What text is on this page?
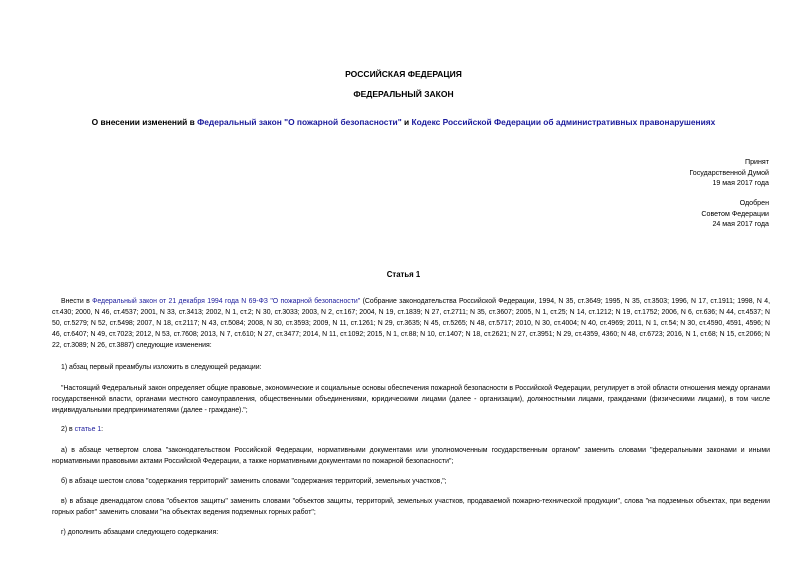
РОССИЙСКАЯ ФЕДЕРАЦИЯ
ФЕДЕРАЛЬНЫЙ ЗАКОН
О внесении изменений в Федеральный закон "О пожарной безопасности" и Кодекс Российской Федерации об административных правонарушениях
Принят
Государственной Думой
19 мая 2017 года
Одобрен
Советом Федерации
24 мая 2017 года
Статья 1
Внести в Федеральный закон от 21 декабря 1994 года N 69-ФЗ "О пожарной безопасности" (Собрание законодательства Российской Федерации, 1994, N 35, ст.3649; 1995, N 35, ст.3503; 1996, N 17, ст.1911; 1998, N 4, ст.430; 2000, N 46, ст.4537; 2001, N 33, ст.3413; 2002, N 1, ст.2; N 30, ст.3033; 2003, N 2, ст.167; 2004, N 19, ст.1839; N 27, ст.2711; N 35, ст.3607; 2005, N 1, ст.25; N 14, ст.1212; N 19, ст.1752; 2006, N 6, ст.636; N 44, ст.4537; N 50, ст.5279; N 52, ст.5498; 2007, N 18, ст.2117; N 43, ст.5084; 2008, N 30, ст.3593; 2009, N 11, ст.1261; N 29, ст.3635; N 45, ст.5265; N 48, ст.5717; 2010, N 30, ст.4004; N 40, ст.4969; 2011, N 1, ст.54; N 30, ст.4590, 4591, 4596; N 46, ст.6407; N 49, ст.7023; 2012, N 53, ст.7608; 2013, N 7, ст.610; N 27, ст.3477; 2014, N 11, ст.1092; 2015, N 1, ст.88; N 10, ст.1407; N 18, ст.2621; N 27, ст.3951; N 29, ст.4359, 4360; N 48, ст.6723; 2016, N 1, ст.68; N 15, ст.2066; N 22, ст.3089; N 26, ст.3887) следующие изменения:
1) абзац первый преамбулы изложить в следующей редакции:
"Настоящий Федеральный закон определяет общие правовые, экономические и социальные основы обеспечения пожарной безопасности в Российской Федерации, регулирует в этой области отношения между органами государственной власти, органами местного самоуправления, общественными объединениями, юридическими лицами (далее - организации), должностными лицами, гражданами (физическими лицами), в том числе индивидуальными предпринимателями (далее - граждане).";
2) в статье 1:
а) в абзаце четвертом слова "законодательством Российской Федерации, нормативными документами или уполномоченным государственным органом" заменить словами "федеральными законами и иными нормативными правовыми актами Российской Федерации, а также нормативными документами по пожарной безопасности";
б) в абзаце шестом слова "содержания территорий" заменить словами "содержания территорий, земельных участков,";
в) в абзаце двенадцатом слова "объектов защиты" заменить словами "объектов защиты, территорий, земельных участков, продаваемой пожарно-технической продукции", слова "на подземных объектах, при ведении горных работ" заменить словами "на объектах ведения подземных горных работ";
г) дополнить абзацами следующего содержания:
